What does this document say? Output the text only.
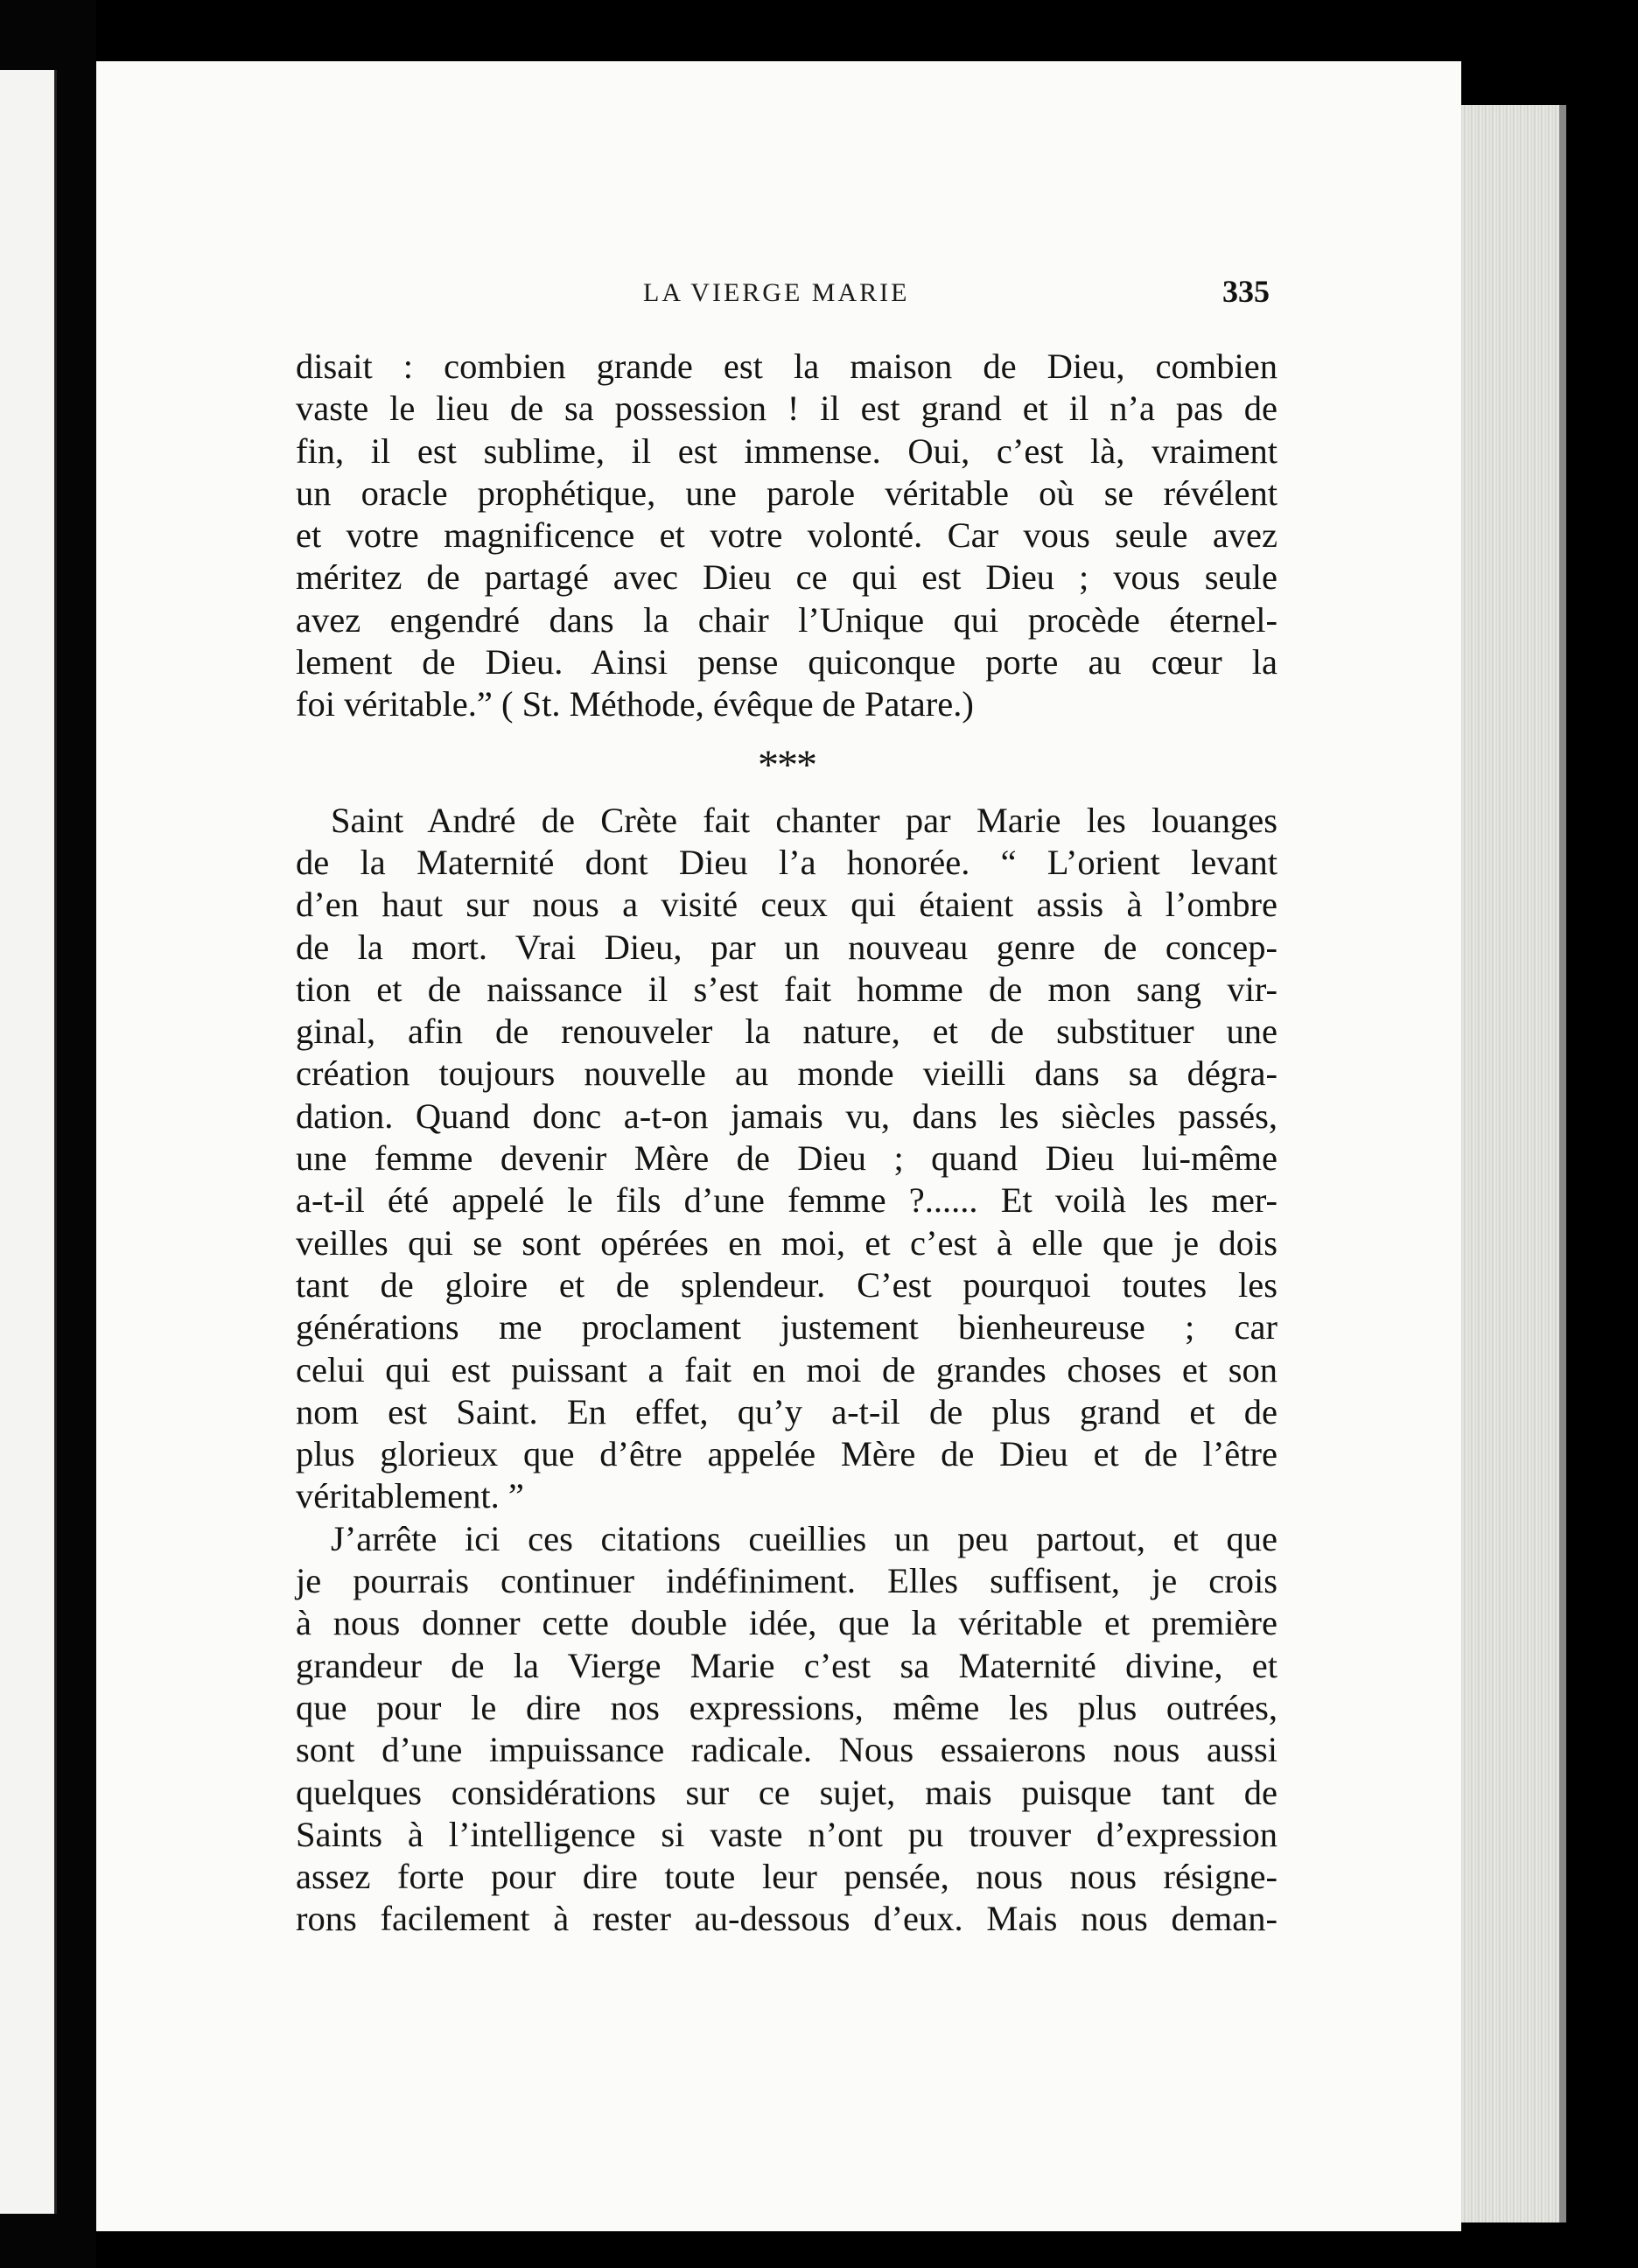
LA VIERGE MARIE	335
disait : combien grande est la maison de Dieu, combien
vaste le lieu de sa possession ! il est grand et il n’a pas de
fin, il est sublime, il est immense. Oui, c’est là, vraiment
un oracle prophétique, une parole véritable où se révélent
et votre magnificence et votre volonté. Car vous seule avez
méritez de partagé avec Dieu ce qui est Dieu ; vous seule
avez engendré dans la chair l’Unique qui procède éternel-
lement de Dieu. Ainsi pense quiconque porte au cœur la
foi véritable.” ( St. Méthode, évêque de Patare.)
***
Saint André de Crète fait chanter par Marie les louanges
de la Maternité dont Dieu l’a honorée. “ L’orient levant
d’en haut sur nous a visité ceux qui étaient assis à l’ombre
de la mort. Vrai Dieu, par un nouveau genre de concep-
tion et de naissance il s’est fait homme de mon sang vir-
ginal, afin de renouveler la nature, et de substituer une
création toujours nouvelle au monde vieilli dans sa dégra-
dation. Quand donc a-t-on jamais vu, dans les siècles passés,
une femme devenir Mère de Dieu ; quand Dieu lui-même
a-t-il été appelé le fils d’une femme ?...... Et voilà les mer-
veilles qui se sont opérées en moi, et c’est à elle que je dois
tant de gloire et de splendeur. C’est pourquoi toutes les
générations me proclament justement bienheureuse ; car
celui qui est puissant a fait en moi de grandes choses et son
nom est Saint. En effet, qu’y a-t-il de plus grand et de
plus glorieux que d’être appelée Mère de Dieu et de l’être
véritablement. ”
J’arrête ici ces citations cueillies un peu partout, et que
je pourrais continuer indéfiniment. Elles suffisent, je crois
à nous donner cette double idée, que la véritable et première
grandeur de la Vierge Marie c’est sa Maternité divine, et
que pour le dire nos expressions, même les plus outrées,
sont d’une impuissance radicale. Nous essaierons nous aussi
quelques considérations sur ce sujet, mais puisque tant de
Saints à l’intelligence si vaste n’ont pu trouver d’expression
assez forte pour dire toute leur pensée, nous nous résigne-
rons facilement à rester au-dessous d’eux. Mais nous deman-
